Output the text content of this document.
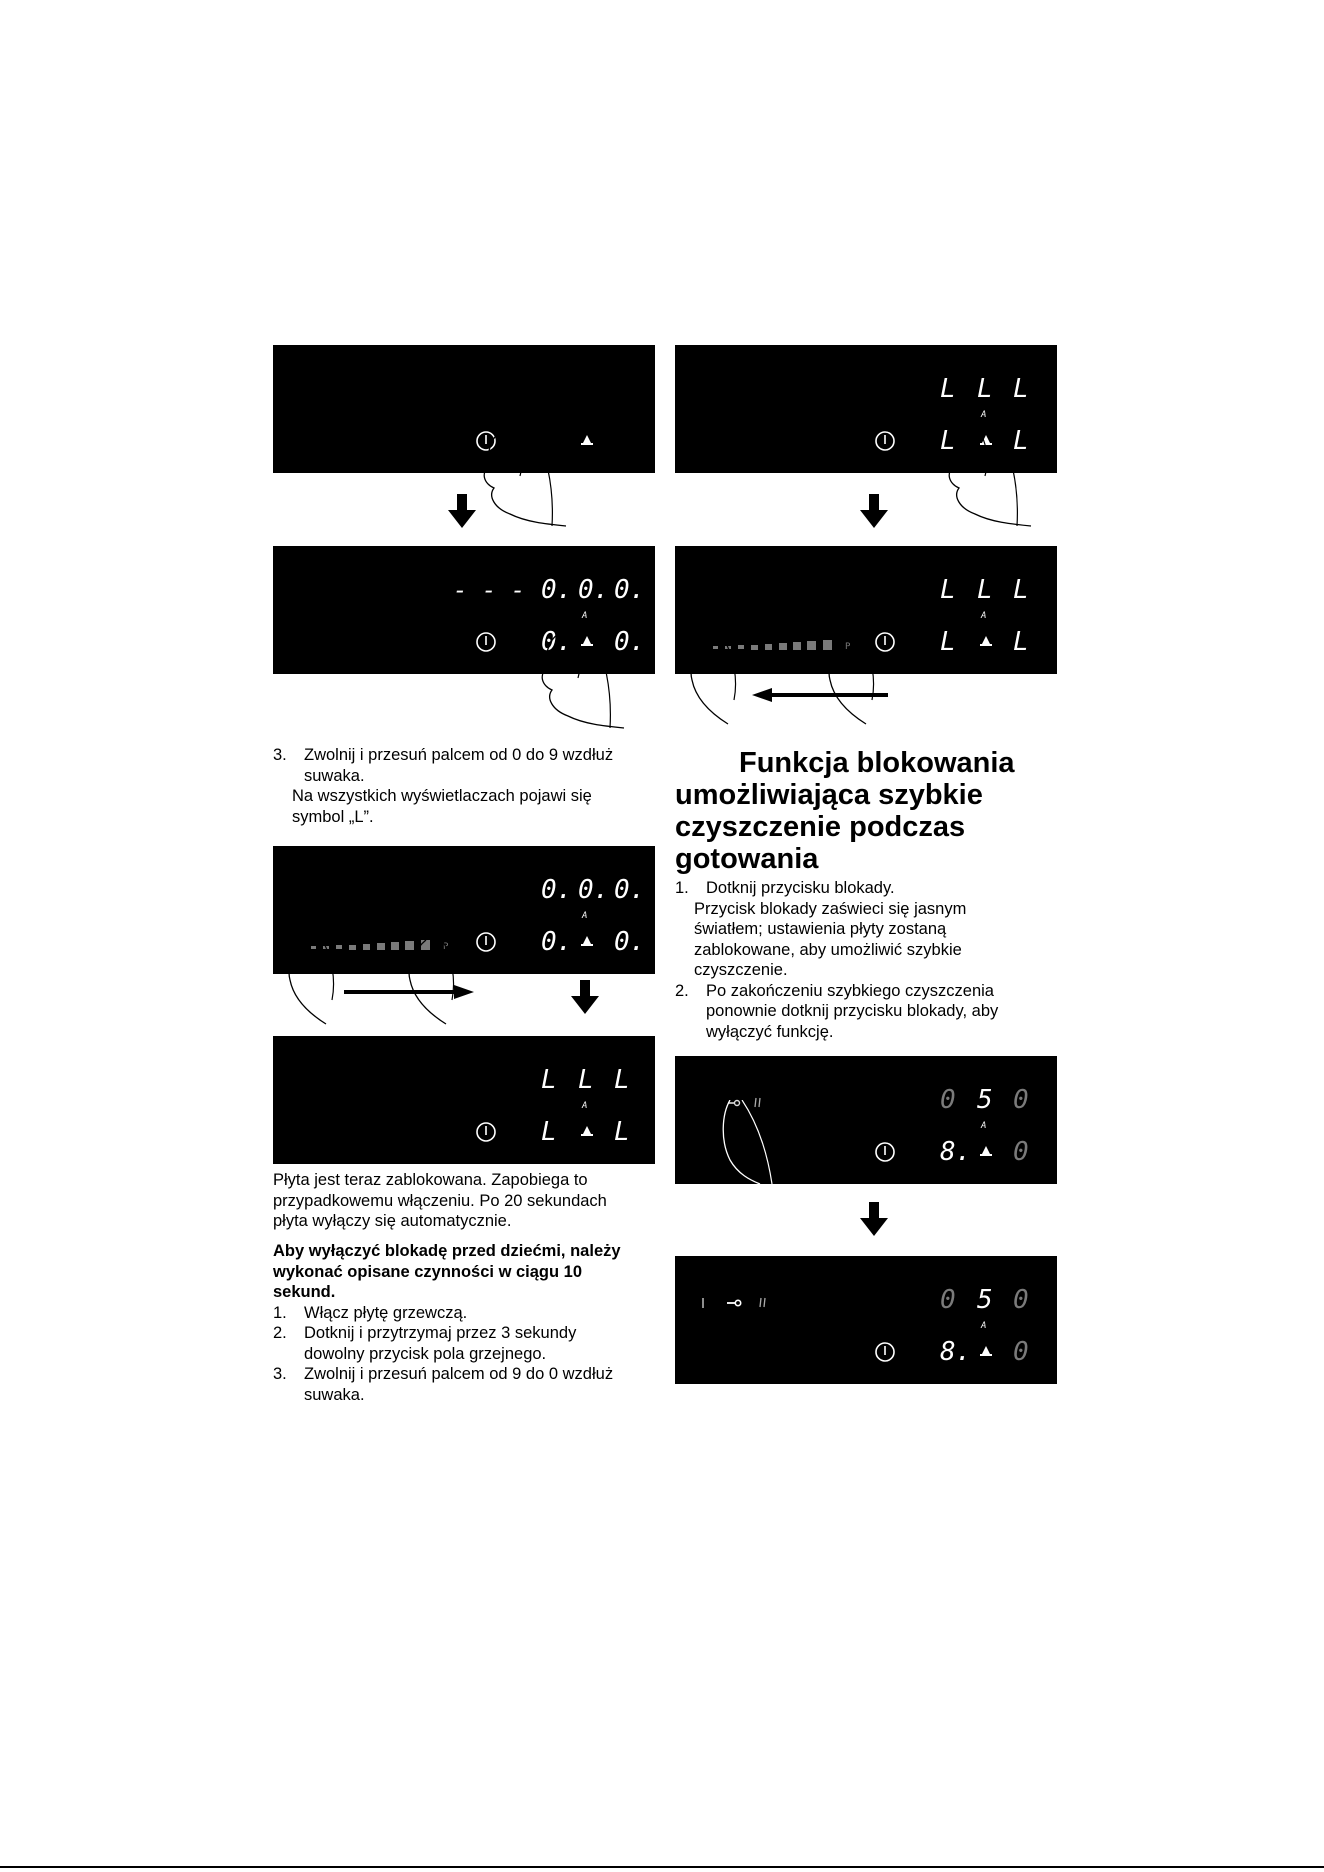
- - - 0. 0. 0.
A
0. 0.
3. Zwolnij i przesuń palcem od 0 do 9 wzdłuż

suwaka.

Na wszystkich wyświetlaczach pojawi się

symbol „L”.

0. 0. 0.
A
P	0. 0.
L L L
A
L L

Płyta jest teraz zablokowana. Zapobiega to

przypadkowemu włączeniu. Po 20 sekundach

płyta wyłączy się automatycznie.

Aby wyłączyć blokadę przed dziećmi, należy

wykonać opisane czynności w ciągu 10

sekund.

1. Włącz płytę grzewczą.

2. Dotknij i przytrzymaj przez 3 sekundy

dowolny przycisk pola grzejnego.

3. Zwolnij i przesuń palcem od 9 do 0 wzdłuż

suwaka.

L L L
A
L L
L L L
A
P	L L
Funkcja blokowania
umożliwiająca szybkie
czyszczenie podczas
gotowania
1. Dotknij przycisku blokady.

Przycisk blokady zaświeci się jasnym

światłem; ustawienia płyty zostaną

zablokowane, aby umożliwić szybkie

czyszczenie.

2. Po zakończeniu szybkiego czyszczenia

ponownie dotknij przycisku blokady, aby

wyłączyć funkcję.

0 5 0
A
8. 0
0 5 0
A
8. 0
